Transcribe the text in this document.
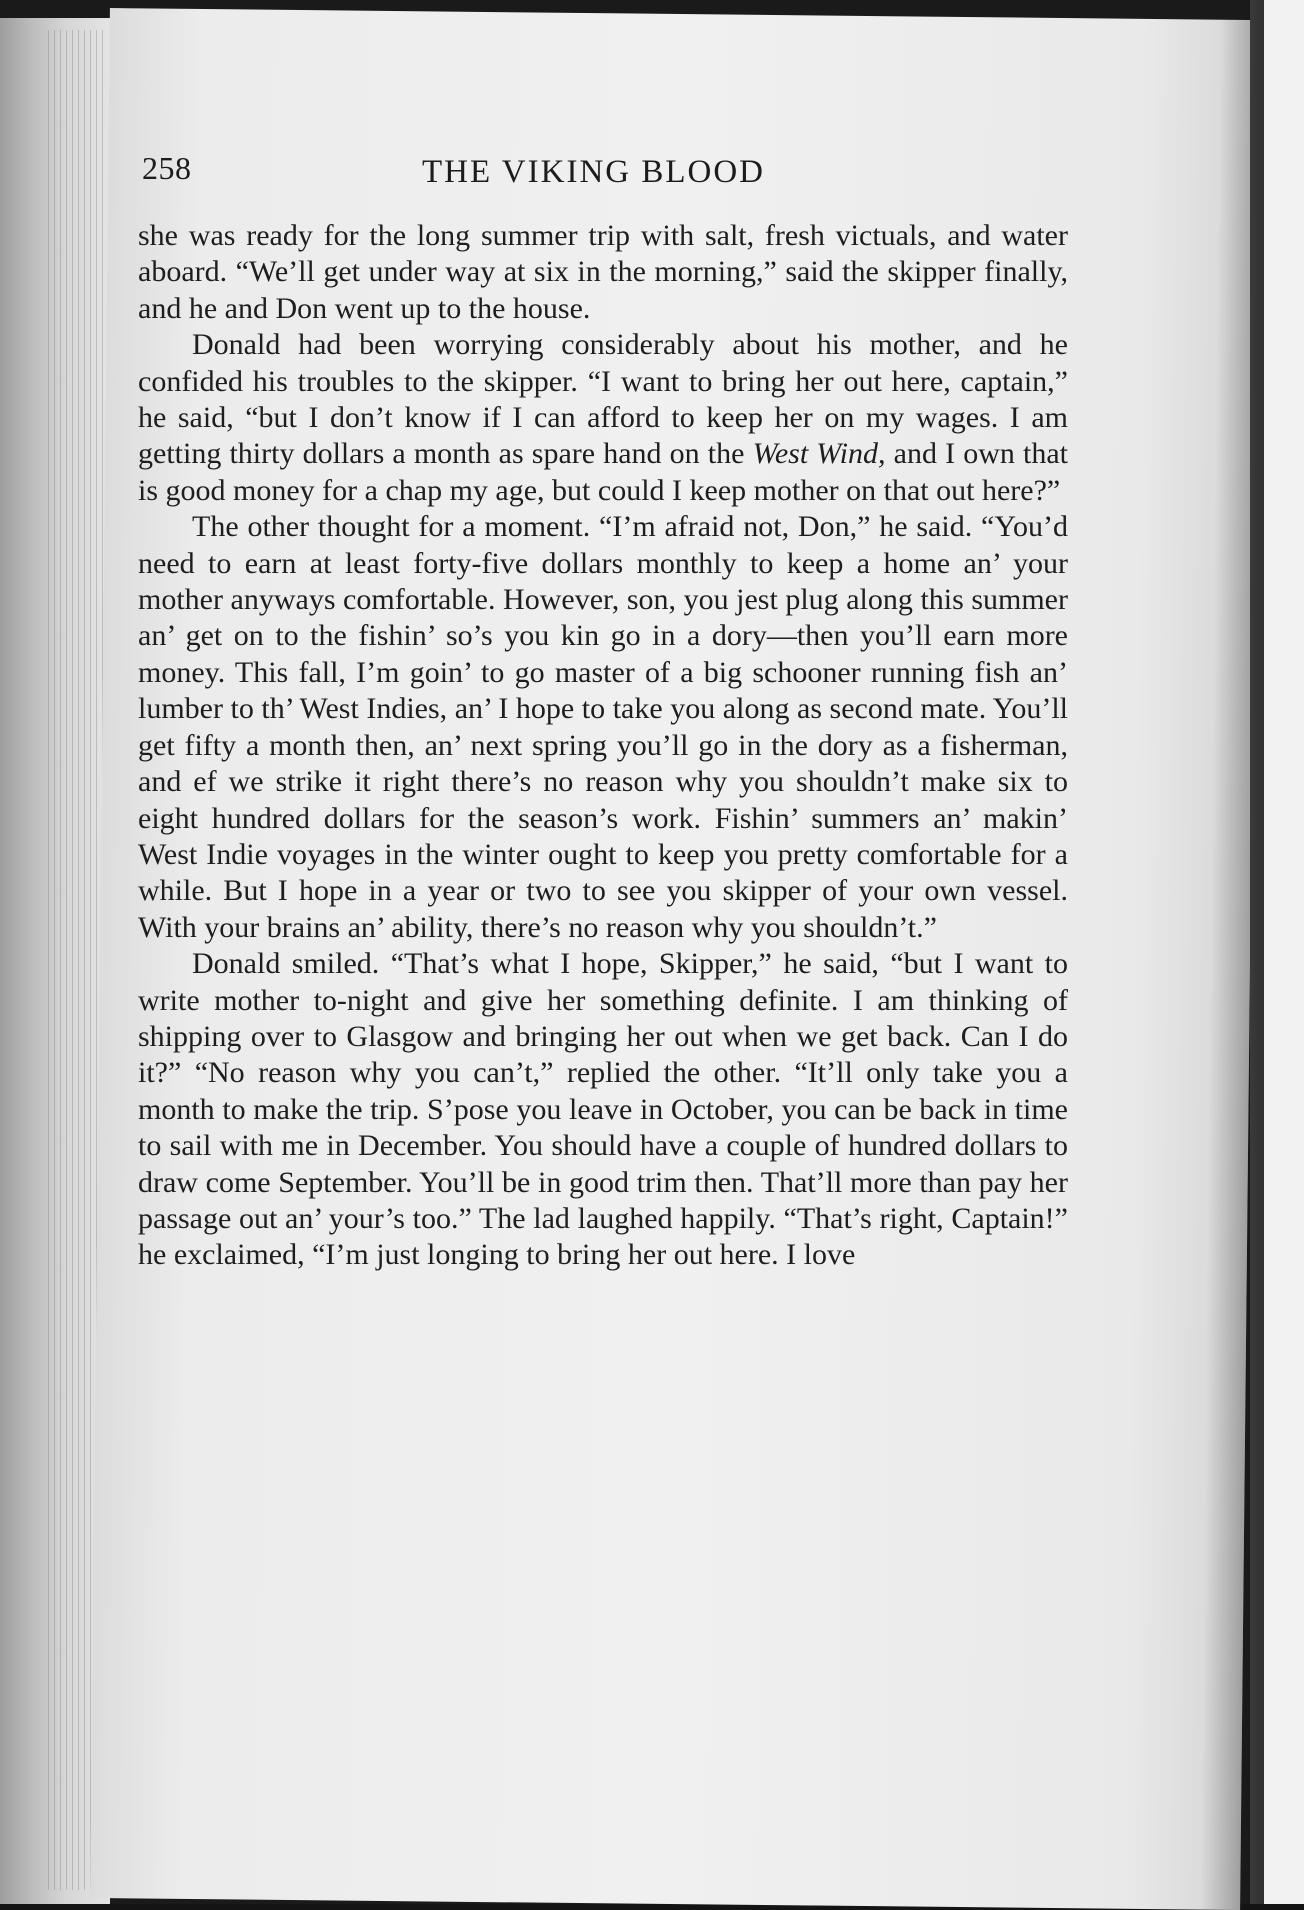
258	THE VIKING BLOOD

she was ready for the long summer trip with salt, fresh victuals, and water aboard. “We’ll get under way at six in the morning,” said the skipper finally, and he and Don went up to the house.

Donald had been worrying considerably about his mother, and he confided his troubles to the skipper. “I want to bring her out here, captain,” he said, “but I don’t know if I can afford to keep her on my wages. I am getting thirty dollars a month as spare hand on the West Wind, and I own that is good money for a chap my age, but could I keep mother on that out here?”

The other thought for a moment. “I’m afraid not, Don,” he said. “You’d need to earn at least forty-five dollars monthly to keep a home an’ your mother anyways comfortable. However, son, you jest plug along this summer an’ get on to the fishin’ so’s you kin go in a dory—then you’ll earn more money. This fall, I’m goin’ to go master of a big schooner running fish an’ lumber to th’ West Indies, an’ I hope to take you along as second mate. You’ll get fifty a month then, an’ next spring you’ll go in the dory as a fisherman, and ef we strike it right there’s no reason why you shouldn’t make six to eight hundred dollars for the season’s work. Fishin’ summers an’ makin’ West Indie voyages in the winter ought to keep you pretty comfortable for a while. But I hope in a year or two to see you skipper of your own vessel. With your brains an’ ability, there’s no reason why you shouldn’t.”

Donald smiled. “That’s what I hope, Skipper,” he said, “but I want to write mother to-night and give her something definite. I am thinking of shipping over to Glasgow and bringing her out when we get back. Can I do it?” “No reason why you can’t,” replied the other. “It’ll only take you a month to make the trip. S’pose you leave in October, you can be back in time to sail with me in December. You should have a couple of hundred dollars to draw come September. You’ll be in good trim then. That’ll more than pay her passage out an’ your’s too.” The lad laughed happily. “That’s right, Captain!” he exclaimed, “I’m just longing to bring her out here. I love
